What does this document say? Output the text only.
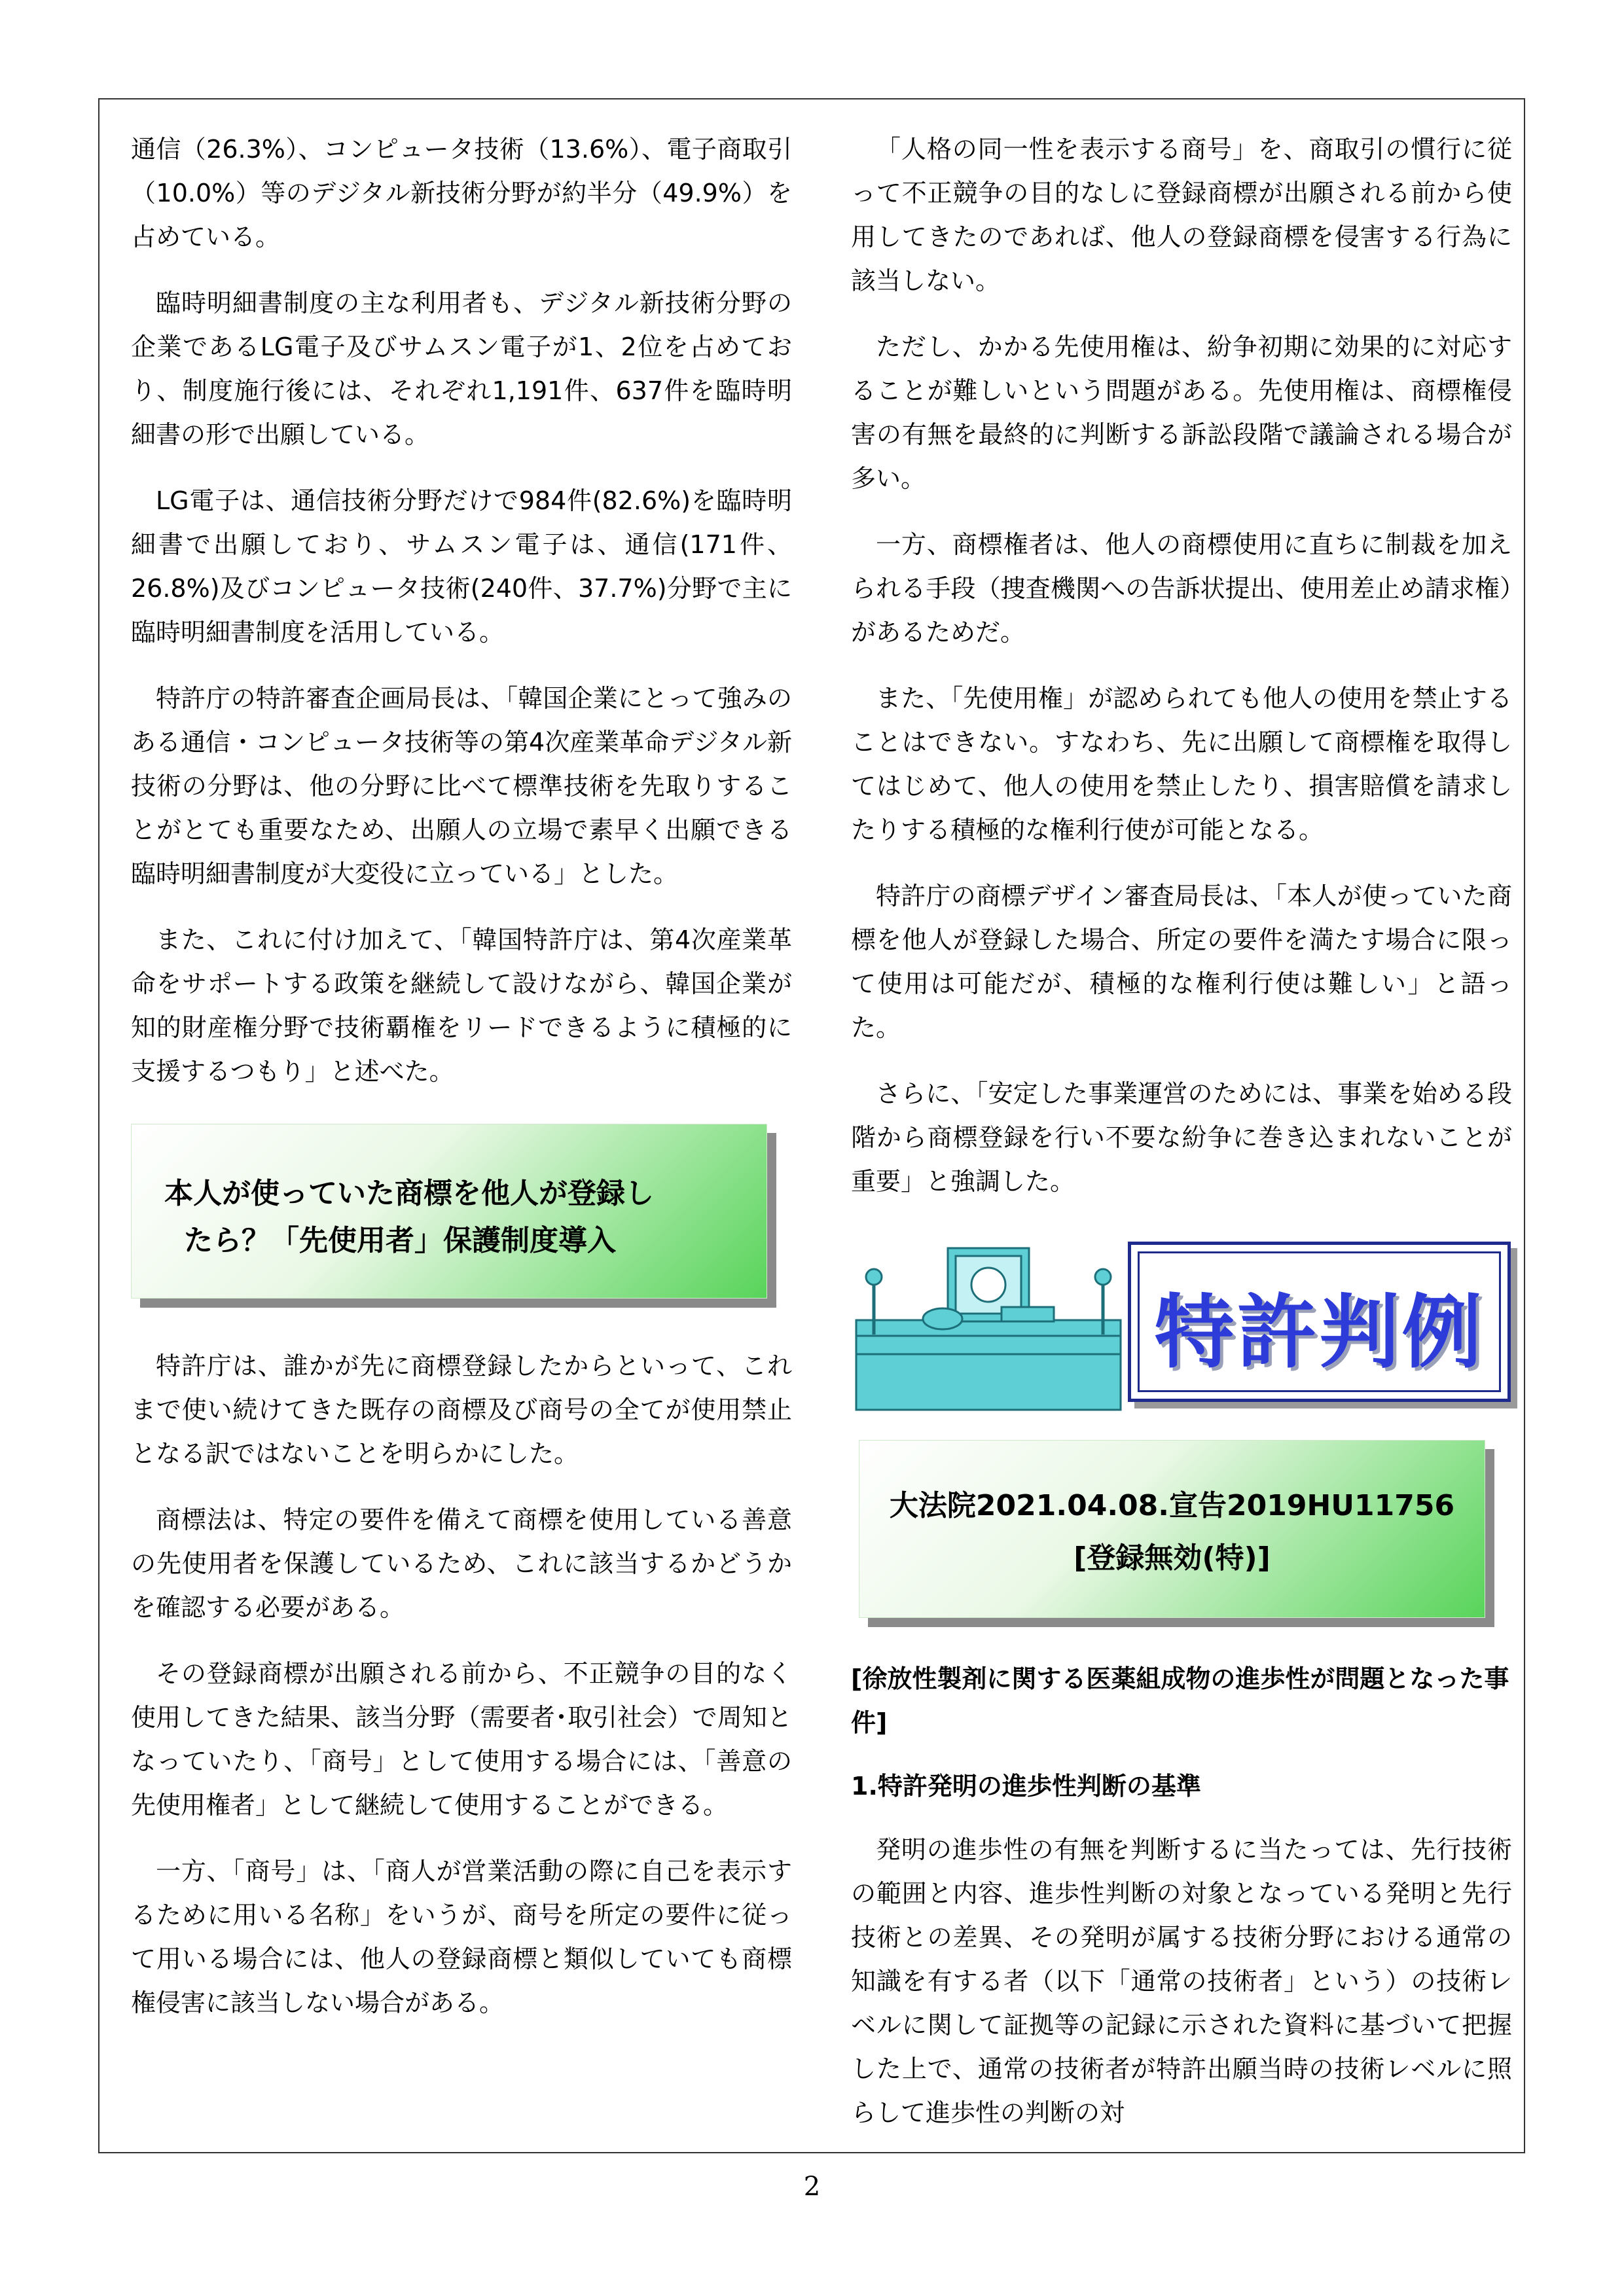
通信（26.3%）、コンピュータ技術（13.6%）、電子商取引（10.0%）等のデジタル新技術分野が約半分（49.9%）を占めている。

臨時明細書制度の主な利用者も、デジタル新技術分野の企業であるLG電子及びサムスン電子が1、2位を占めており、制度施行後には、それぞれ1,191件、637件を臨時明細書の形で出願している。

LG電子は、通信技術分野だけで984件(82.6%)を臨時明細書で出願しており、サムスン電子は、通信(171件、26.8%)及びコンピュータ技術(240件、37.7%)分野で主に臨時明細書制度を活用している。

特許庁の特許審査企画局長は、「韓国企業にとって強みのある通信・コンピュータ技術等の第4次産業革命デジタル新技術の分野は、他の分野に比べて標準技術を先取りすることがとても重要なため、出願人の立場で素早く出願できる臨時明細書制度が大変役に立っている」とした。

また、これに付け加えて、「韓国特許庁は、第4次産業革命をサポートする政策を継続して設けながら、韓国企業が知的財産権分野で技術覇権をリードできるように積極的に支援するつもり」と述べた。

本人が使っていた商標を他人が登録し
たら？「先使用者」保護制度導入

特許庁は、誰かが先に商標登録したからといって、これまで使い続けてきた既存の商標及び商号の全てが使用禁止となる訳ではないことを明らかにした。

商標法は、特定の要件を備えて商標を使用している善意の先使用者を保護しているため、これに該当するかどうかを確認する必要がある。

その登録商標が出願される前から、不正競争の目的なく使用してきた結果、該当分野（需要者･取引社会）で周知となっていたり、「商号」として使用する場合には、「善意の先使用権者」として継続して使用することができる。

一方、「商号」は、「商人が営業活動の際に自己を表示するために用いる名称」をいうが、商号を所定の要件に従って用いる場合には、他人の登録商標と類似していても商標権侵害に該当しない場合がある。

「人格の同一性を表示する商号」を、商取引の慣行に従って不正競争の目的なしに登録商標が出願される前から使用してきたのであれば、他人の登録商標を侵害する行為に該当しない。

ただし、かかる先使用権は、紛争初期に効果的に対応することが難しいという問題がある。先使用権は、商標権侵害の有無を最終的に判断する訴訟段階で議論される場合が多い。

一方、商標権者は、他人の商標使用に直ちに制裁を加えられる手段（捜査機関への告訴状提出、使用差止め請求権）があるためだ。

また、「先使用権」が認められても他人の使用を禁止することはできない。すなわち、先に出願して商標権を取得してはじめて、他人の使用を禁止したり、損害賠償を請求したりする積極的な権利行使が可能となる。

特許庁の商標デザイン審査局長は、「本人が使っていた商標を他人が登録した場合、所定の要件を満たす場合に限って使用は可能だが、積極的な権利行使は難しい」と語った。

さらに、「安定した事業運営のためには、事業を始める段階から商標登録を行い不要な紛争に巻き込まれないことが重要」と強調した。

特許判例
大法院2021.04.08.宣告2019HU11756
[登録無効(特)]

[徐放性製剤に関する医薬組成物の進歩性が問題となった事件]

1.特許発明の進歩性判断の基準

発明の進歩性の有無を判断するに当たっては、先行技術の範囲と内容、進歩性判断の対象となっている発明と先行技術との差異、その発明が属する技術分野における通常の知識を有する者（以下「通常の技術者」という）の技術レベルに関して証拠等の記録に示された資料に基づいて把握した上で、通常の技術者が特許出願当時の技術レベルに照らして進歩性の判断の対

2
